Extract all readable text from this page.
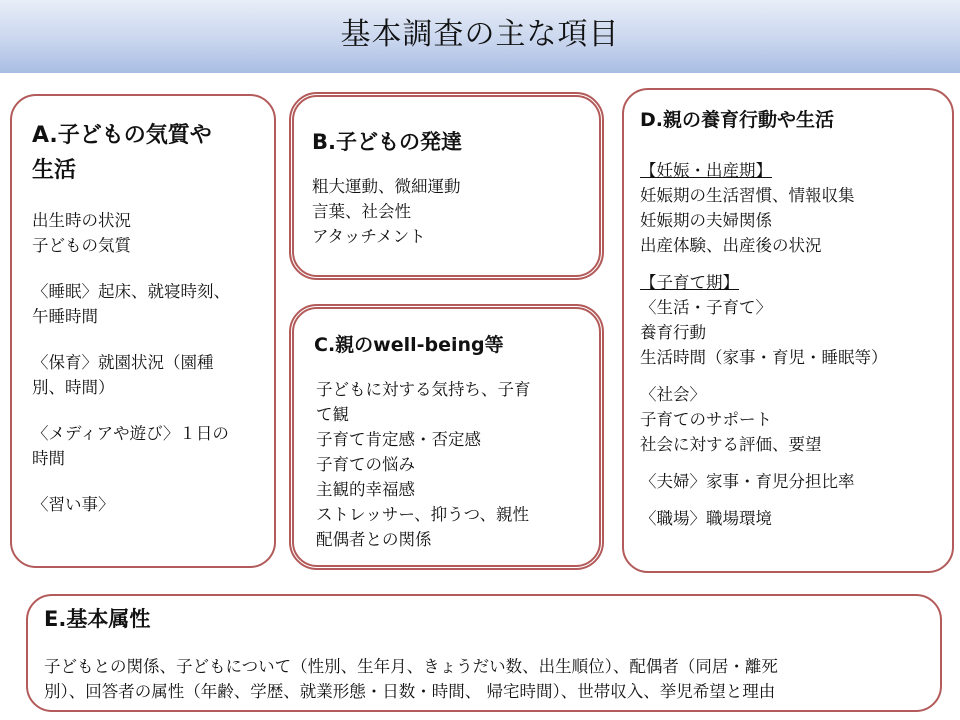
基本調査の主な項目
A.子どもの気質や
生活
出生時の状況
子どもの気質
〈睡眠〉起床、就寝時刻、
午睡時間
〈保育〉就園状況（園種
別、時間）
〈メディアや遊び〉１日の
時間
〈習い事〉
B.子どもの発達
粗大運動、微細運動
言葉、社会性
アタッチメント
C.親のwell-being等
子どもに対する気持ち、子育
て観
子育て肯定感・否定感
子育ての悩み
主観的幸福感
ストレッサー、抑うつ、親性
配偶者との関係
D.親の養育行動や生活
【妊娠・出産期】
妊娠期の生活習慣、情報収集
妊娠期の夫婦関係
出産体験、出産後の状況
【子育て期】
〈生活・子育て〉
養育行動
生活時間（家事・育児・睡眠等）
〈社会〉
子育てのサポート
社会に対する評価、要望
〈夫婦〉家事・育児分担比率
〈職場〉職場環境
E.基本属性
子どもとの関係、子どもについて（性別、生年月、きょうだい数、出生順位）、配偶者（同居・離死
別）、回答者の属性（年齢、学歴、就業形態・日数・時間、 帰宅時間）、世帯収入、挙児希望と理由
